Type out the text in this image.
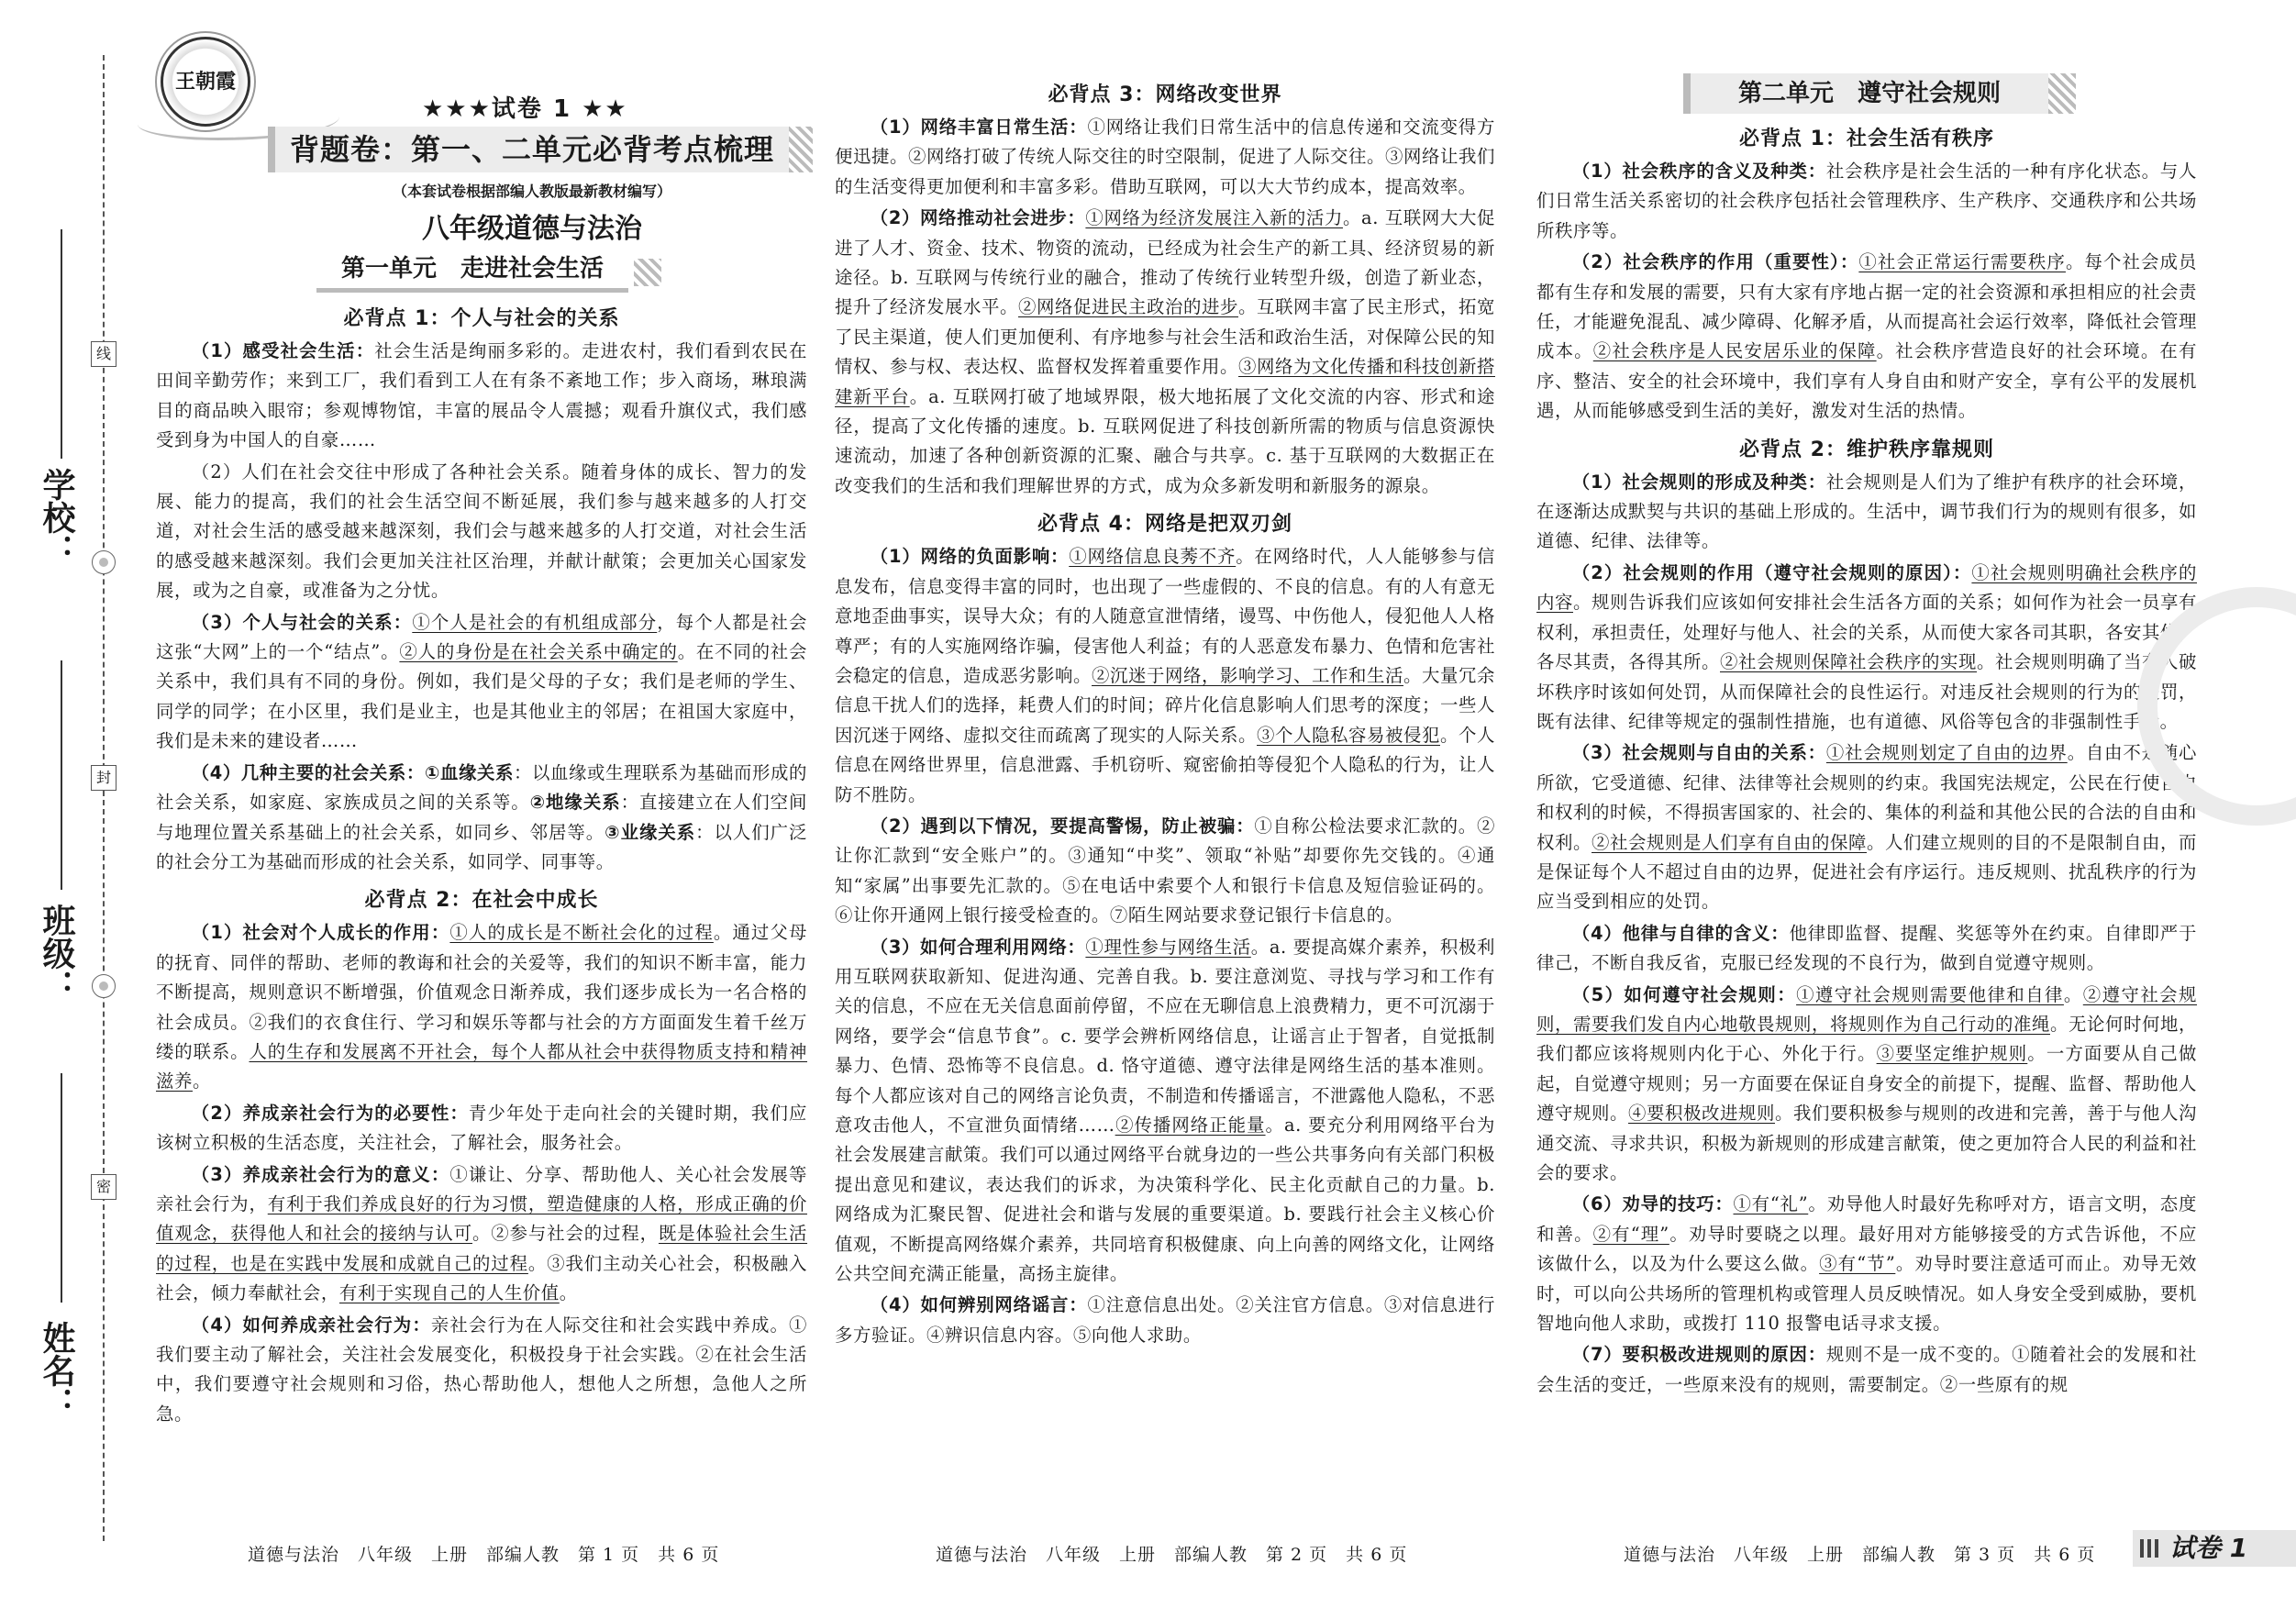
线
封
密
学校：
班级：
姓名：
王朝霞
★★★试卷 1 ★★
背题卷：第一、二单元必背考点梳理
（本套试卷根据部编人教版最新教材编写）
八年级道德与法治
第一单元　走进社会生活
必背点 1：个人与社会的关系

（1）感受社会生活：社会生活是绚丽多彩的。走进农村，我们看到农民在田间辛勤劳作；来到工厂，我们看到工人在有条不紊地工作；步入商场，琳琅满目的商品映入眼帘；参观博物馆，丰富的展品令人震撼；观看升旗仪式，我们感受到身为中国人的自豪……

（2）人们在社会交往中形成了各种社会关系。随着身体的成长、智力的发展、能力的提高，我们的社会生活空间不断延展，我们参与越来越多的人打交道，对社会生活的感受越来越深刻，我们会与越来越多的人打交道，对社会生活的感受越来越深刻。我们会更加关注社区治理，并献计献策；会更加关心国家发展，或为之自豪，或准备为之分忧。

（3）个人与社会的关系：①个人是社会的有机组成部分，每个人都是社会这张“大网”上的一个“结点”。②人的身份是在社会关系中确定的。在不同的社会关系中，我们具有不同的身份。例如，我们是父母的子女；我们是老师的学生、同学的同学；在小区里，我们是业主，也是其他业主的邻居；在祖国大家庭中，我们是未来的建设者……

（4）几种主要的社会关系：①血缘关系：以血缘或生理联系为基础而形成的社会关系，如家庭、家族成员之间的关系等。②地缘关系：直接建立在人们空间与地理位置关系基础上的社会关系，如同乡、邻居等。③业缘关系：以人们广泛的社会分工为基础而形成的社会关系，如同学、同事等。

必背点 2：在社会中成长

（1）社会对个人成长的作用：①人的成长是不断社会化的过程。通过父母的抚育、同伴的帮助、老师的教诲和社会的关爱等，我们的知识不断丰富，能力不断提高，规则意识不断增强，价值观念日渐养成，我们逐步成长为一名合格的社会成员。②我们的衣食住行、学习和娱乐等都与社会的方方面面发生着千丝万缕的联系。人的生存和发展离不开社会，每个人都从社会中获得物质支持和精神滋养。

（2）养成亲社会行为的必要性：青少年处于走向社会的关键时期，我们应该树立积极的生活态度，关注社会，了解社会，服务社会。

（3）养成亲社会行为的意义：①谦让、分享、帮助他人、关心社会发展等亲社会行为，有利于我们养成良好的行为习惯，塑造健康的人格，形成正确的价值观念，获得他人和社会的接纳与认可。②参与社会的过程，既是体验社会生活的过程，也是在实践中发展和成就自己的过程。③我们主动关心社会，积极融入社会，倾力奉献社会，有利于实现自己的人生价值。

（4）如何养成亲社会行为：亲社会行为在人际交往和社会实践中养成。①我们要主动了解社会，关注社会发展变化，积极投身于社会实践。②在社会生活中，我们要遵守社会规则和习俗，热心帮助他人，想他人之所想，急他人之所急。

必背点 3：网络改变世界

（1）网络丰富日常生活：①网络让我们日常生活中的信息传递和交流变得方便迅捷。②网络打破了传统人际交往的时空限制，促进了人际交往。③网络让我们的生活变得更加便利和丰富多彩。借助互联网，可以大大节约成本，提高效率。

（2）网络推动社会进步：①网络为经济发展注入新的活力。a. 互联网大大促进了人才、资金、技术、物资的流动，已经成为社会生产的新工具、经济贸易的新途径。b. 互联网与传统行业的融合，推动了传统行业转型升级，创造了新业态，提升了经济发展水平。②网络促进民主政治的进步。互联网丰富了民主形式，拓宽了民主渠道，使人们更加便利、有序地参与社会生活和政治生活，对保障公民的知情权、参与权、表达权、监督权发挥着重要作用。③网络为文化传播和科技创新搭建新平台。a. 互联网打破了地域界限，极大地拓展了文化交流的内容、形式和途径，提高了文化传播的速度。b. 互联网促进了科技创新所需的物质与信息资源快速流动，加速了各种创新资源的汇聚、融合与共享。c. 基于互联网的大数据正在改变我们的生活和我们理解世界的方式，成为众多新发明和新服务的源泉。

必背点 4：网络是把双刃剑

（1）网络的负面影响：①网络信息良莠不齐。在网络时代，人人能够参与信息发布，信息变得丰富的同时，也出现了一些虚假的、不良的信息。有的人有意无意地歪曲事实，误导大众；有的人随意宣泄情绪，谩骂、中伤他人，侵犯他人人格尊严；有的人实施网络诈骗，侵害他人利益；有的人恶意发布暴力、色情和危害社会稳定的信息，造成恶劣影响。②沉迷于网络，影响学习、工作和生活。大量冗余信息干扰人们的选择，耗费人们的时间；碎片化信息影响人们思考的深度；一些人因沉迷于网络、虚拟交往而疏离了现实的人际关系。③个人隐私容易被侵犯。个人信息在网络世界里，信息泄露、手机窃听、窥密偷拍等侵犯个人隐私的行为，让人防不胜防。

（2）遇到以下情况，要提高警惕，防止被骗：①自称公检法要求汇款的。②让你汇款到“安全账户”的。③通知“中奖”、领取“补贴”却要你先交钱的。④通知“家属”出事要先汇款的。⑤在电话中索要个人和银行卡信息及短信验证码的。⑥让你开通网上银行接受检查的。⑦陌生网站要求登记银行卡信息的。

（3）如何合理利用网络：①理性参与网络生活。a. 要提高媒介素养，积极利用互联网获取新知、促进沟通、完善自我。b. 要注意浏览、寻找与学习和工作有关的信息，不应在无关信息面前停留，不应在无聊信息上浪费精力，更不可沉溺于网络，要学会“信息节食”。c. 要学会辨析网络信息，让谣言止于智者，自觉抵制暴力、色情、恐怖等不良信息。d. 恪守道德、遵守法律是网络生活的基本准则。每个人都应该对自己的网络言论负责，不制造和传播谣言，不泄露他人隐私，不恶意攻击他人，不宣泄负面情绪……②传播网络正能量。a. 要充分利用网络平台为社会发展建言献策。我们可以通过网络平台就身边的一些公共事务向有关部门积极提出意见和建议，表达我们的诉求，为决策科学化、民主化贡献自己的力量。b. 网络成为汇聚民智、促进社会和谐与发展的重要渠道。b. 要践行社会主义核心价值观，不断提高网络媒介素养，共同培育积极健康、向上向善的网络文化，让网络公共空间充满正能量，高扬主旋律。

（4）如何辨别网络谣言：①注意信息出处。②关注官方信息。③对信息进行多方验证。④辨识信息内容。⑤向他人求助。

第二单元　遵守社会规则
必背点 1：社会生活有秩序

（1）社会秩序的含义及种类：社会秩序是社会生活的一种有序化状态。与人们日常生活关系密切的社会秩序包括社会管理秩序、生产秩序、交通秩序和公共场所秩序等。

（2）社会秩序的作用（重要性）：①社会正常运行需要秩序。每个社会成员都有生存和发展的需要，只有大家有序地占据一定的社会资源和承担相应的社会责任，才能避免混乱、减少障碍、化解矛盾，从而提高社会运行效率，降低社会管理成本。②社会秩序是人民安居乐业的保障。社会秩序营造良好的社会环境。在有序、整洁、安全的社会环境中，我们享有人身自由和财产安全，享有公平的发展机遇，从而能够感受到生活的美好，激发对生活的热情。

必背点 2：维护秩序靠规则

（1）社会规则的形成及种类：社会规则是人们为了维护有秩序的社会环境，在逐渐达成默契与共识的基础上形成的。生活中，调节我们行为的规则有很多，如道德、纪律、法律等。

（2）社会规则的作用（遵守社会规则的原因）：①社会规则明确社会秩序的内容。规则告诉我们应该如何安排社会生活各方面的关系；如何作为社会一员享有权利，承担责任，处理好与他人、社会的关系，从而使大家各司其职，各安其位，各尽其责，各得其所。②社会规则保障社会秩序的实现。社会规则明确了当有人破坏秩序时该如何处罚，从而保障社会的良性运行。对违反社会规则的行为的处罚，既有法律、纪律等规定的强制性措施，也有道德、风俗等包含的非强制性手段。

（3）社会规则与自由的关系：①社会规则划定了自由的边界。自由不是随心所欲，它受道德、纪律、法律等社会规则的约束。我国宪法规定，公民在行使自由和权利的时候，不得损害国家的、社会的、集体的利益和其他公民的合法的自由和权利。②社会规则是人们享有自由的保障。人们建立规则的目的不是限制自由，而是保证每个人不超过自由的边界，促进社会有序运行。违反规则、扰乱秩序的行为应当受到相应的处罚。

（4）他律与自律的含义：他律即监督、提醒、奖惩等外在约束。自律即严于律己，不断自我反省，克服已经发现的不良行为，做到自觉遵守规则。

（5）如何遵守社会规则：①遵守社会规则需要他律和自律。②遵守社会规则，需要我们发自内心地敬畏规则，将规则作为自己行动的准绳。无论何时何地，我们都应该将规则内化于心、外化于行。③要坚定维护规则。一方面要从自己做起，自觉遵守规则；另一方面要在保证自身安全的前提下，提醒、监督、帮助他人遵守规则。④要积极改进规则。我们要积极参与规则的改进和完善，善于与他人沟通交流、寻求共识，积极为新规则的形成建言献策，使之更加符合人民的利益和社会的要求。

（6）劝导的技巧：①有“礼”。劝导他人时最好先称呼对方，语言文明，态度和善。②有“理”。劝导时要晓之以理。最好用对方能够接受的方式告诉他，不应该做什么，以及为什么要这么做。③有“节”。劝导时要注意适可而止。劝导无效时，可以向公共场所的管理机构或管理人员反映情况。如人身安全受到威胁，要机智地向他人求助，或拨打 110 报警电话寻求支援。

（7）要积极改进规则的原因：规则不是一成不变的。①随着社会的发展和社会生活的变迁，一些原来没有的规则，需要制定。②一些原有的规

道德与法治　八年级　上册　部编人教　第 1 页　共 6 页	道德与法治　八年级　上册　部编人教　第 2 页　共 6 页	道德与法治　八年级　上册　部编人教　第 3 页　共 6 页	试卷 1
